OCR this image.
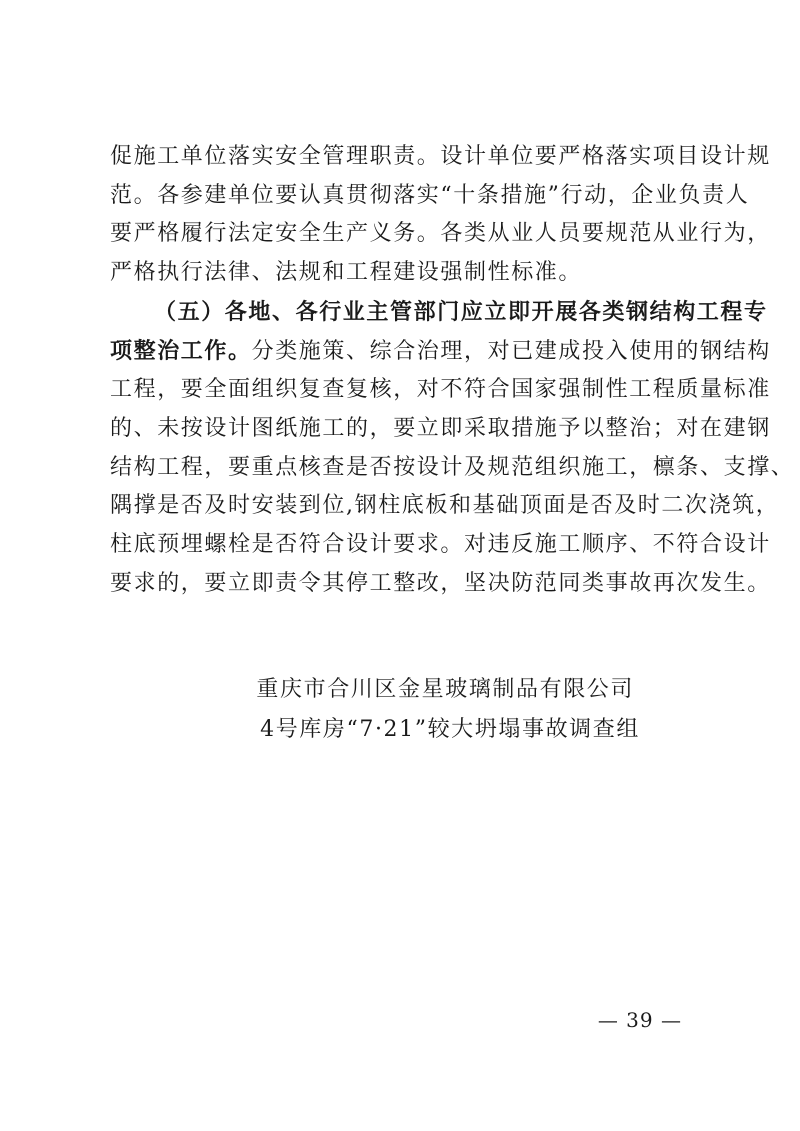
促施工单位落实安全管理职责。设计单位要严格落实项目设计规
范。各参建单位要认真贯彻落实“十条措施”行动，企业负责人
要严格履行法定安全生产义务。各类从业人员要规范从业行为，
严格执行法律、法规和工程建设强制性标准。
（五）各地、各行业主管部门应立即开展各类钢结构工程专
项整治工作。分类施策、综合治理，对已建成投入使用的钢结构
工程，要全面组织复查复核，对不符合国家强制性工程质量标准
的、未按设计图纸施工的，要立即采取措施予以整治；对在建钢
结构工程，要重点核查是否按设计及规范组织施工，檩条、支撑、
隅撑是否及时安装到位,钢柱底板和基础顶面是否及时二次浇筑，
柱底预埋螺栓是否符合设计要求。对违反施工顺序、不符合设计
要求的，要立即责令其停工整改，坚决防范同类事故再次发生。
重庆市合川区金星玻璃制品有限公司
4号库房“7·21”较大坍塌事故调查组
— 39 —
